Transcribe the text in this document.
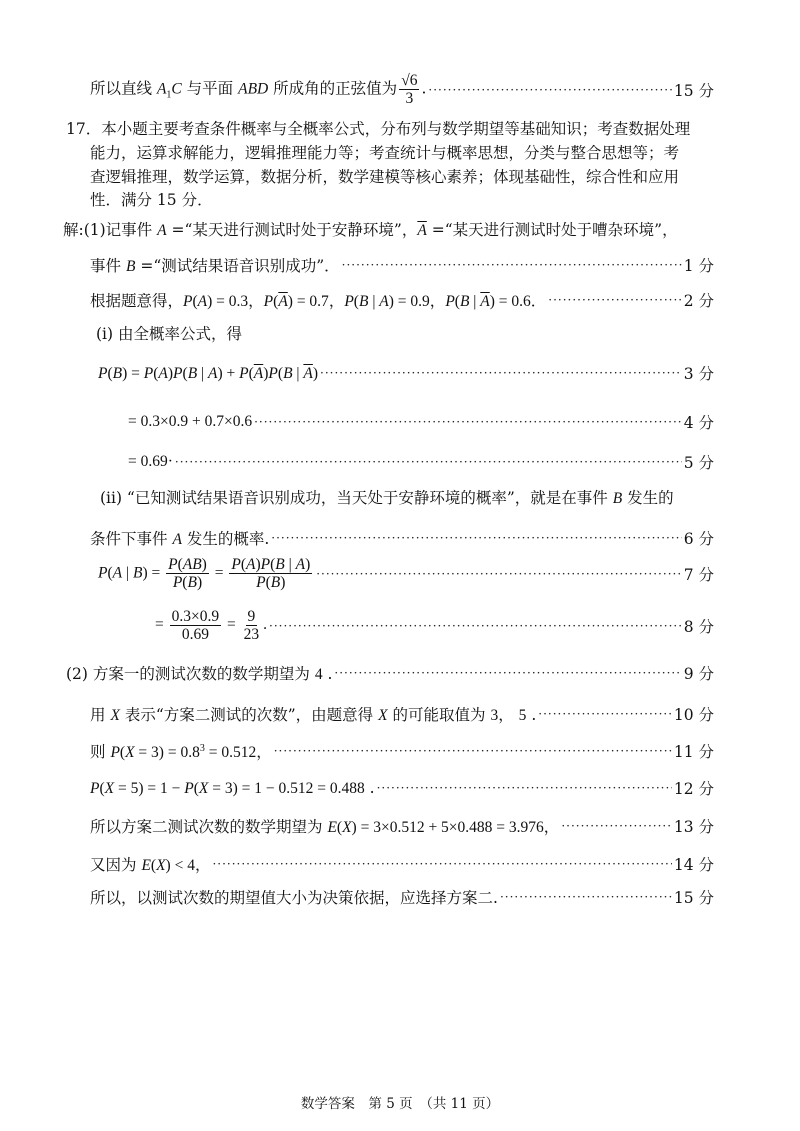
所以直线 $A_1C$ 与平面 ABD 所成角的正弦值为 $\frac{√6}{3}$ . ·····	15 分
17．本小题主要考查条件概率与全概率公式，分布列与数学期望等基础知识；考查数据处理
能力，运算求解能力，逻辑推理能力等；考查统计与概率思想，分类与整合思想等；考
查逻辑推理，数学运算，数据分析，数学建模等核心素养；体现基础性，综合性和应用
性．满分 15 分．
解:(1)记事件 A =“某天进行测试时处于安静环境”，$\overline{A}$ =“某天进行测试时处于嘈杂环境”，
事件 B =“测试结果语音识别成功”． ·····	1 分
根据题意得，P(A) = 0.3，$P(\overline{A}) = 0.7$，P(B | A) = 0.9，P(B | $\overline{A}) = 0.6$． ·····	2 分
(i) 由全概率公式，得
P(B) = P(A)P(B | $A) + P(\overline{A})P(B$ | $\overline{A}$) ·····	3 分
= 0.3×0.9 + 0.7×0.6 ·····	4 分
= 0.69· ·····	5 分
(ii) “已知测试结果语音识别成功，当天处于安静环境的概率”，就是在事件 B 发生的
条件下事件 A 发生的概率. ·····	6 分
P(A | $B) = \frac{P(AB)}{P(B)} = \frac{P(A)P(B | A)}{P(B)}$ ·····	7 分
= $\frac{0.3\times 0.9}{0.69} = \frac{9}{23}$ . ·····	8 分
(2) 方案一的测试次数的数学期望为 4 . ·····	9 分
用 X 表示“方案二测试的次数”，由题意得 X 的可能取值为 3， 5 . ·····	10 分
则 $P(X = 3) = 0.8^3 = 0.512$， ·····	11 分
P(X = 5) = 1 − P(X = 3) = 1 − 0.512 = 0.488 . ·····	12 分
所以方案二测试次数的数学期望为 E(X) = 3×0.512 + 5×0.488 = 3.976， ·····	13 分
又因为 E(X) < 4， ·····	14 分
所以，以测试次数的期望值大小为决策依据，应选择方案二. ·····	15 分
数学答案　第 5 页　（共 11 页）
